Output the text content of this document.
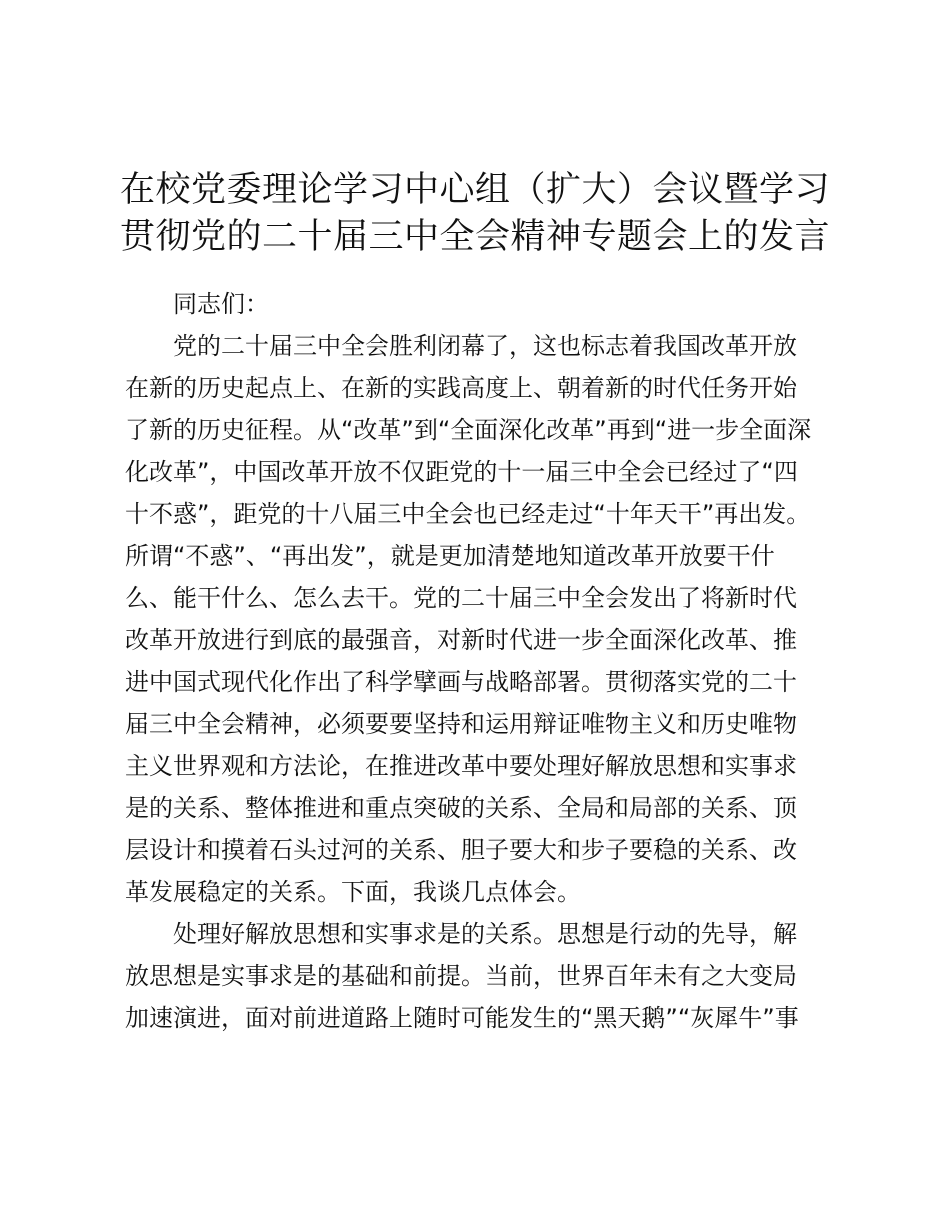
在校党委理论学习中心组（扩大）会议暨学习
贯彻党的二十届三中全会精神专题会上的发言
同志们：
党的二十届三中全会胜利闭幕了，这也标志着我国改革开放
在新的历史起点上、在新的实践高度上、朝着新的时代任务开始
了新的历史征程。从“改革”到“全面深化改革”再到“进一步全面深
化改革”，中国改革开放不仅距党的十一届三中全会已经过了“四
十不惑”，距党的十八届三中全会也已经走过“十年天干”再出发。
所谓“不惑”、“再出发”，就是更加清楚地知道改革开放要干什
么、能干什么、怎么去干。党的二十届三中全会发出了将新时代
改革开放进行到底的最强音，对新时代进一步全面深化改革、推
进中国式现代化作出了科学擘画与战略部署。贯彻落实党的二十
届三中全会精神，必须要要坚持和运用辩证唯物主义和历史唯物
主义世界观和方法论，在推进改革中要处理好解放思想和实事求
是的关系、整体推进和重点突破的关系、全局和局部的关系、顶
层设计和摸着石头过河的关系、胆子要大和步子要稳的关系、改
革发展稳定的关系。下面，我谈几点体会。
处理好解放思想和实事求是的关系。思想是行动的先导，解
放思想是实事求是的基础和前提。当前，世界百年未有之大变局
加速演进，面对前进道路上随时可能发生的“黑天鹅”“灰犀牛”事
